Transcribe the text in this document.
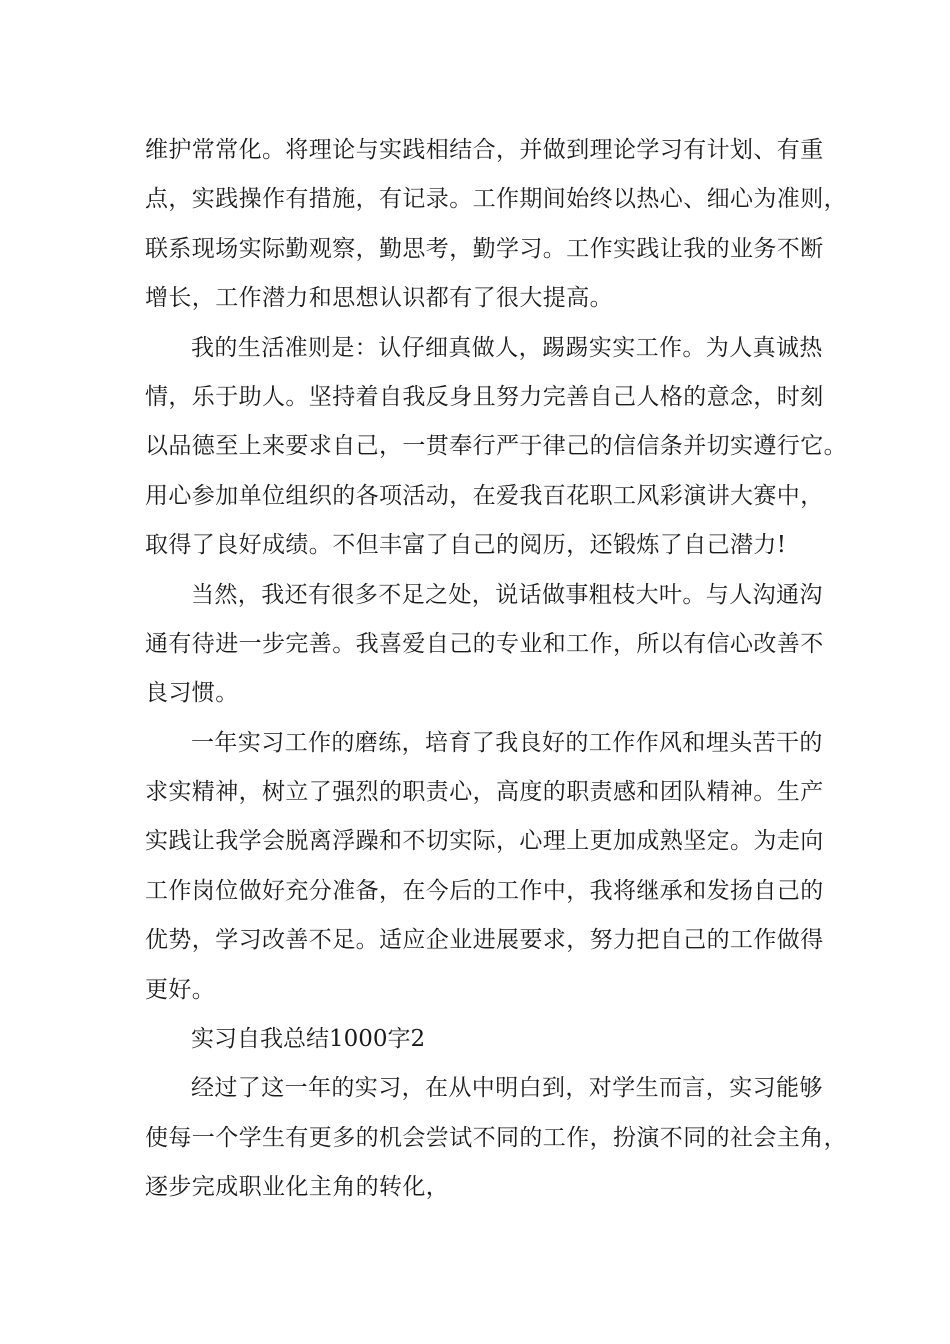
维护常常化。将理论与实践相结合，并做到理论学习有计划、有重
点，实践操作有措施，有记录。工作期间始终以热心、细心为准则，
联系现场实际勤观察，勤思考，勤学习。工作实践让我的业务不断
增长，工作潜力和思想认识都有了很大提高。
我的生活准则是：认仔细真做人，踢踢实实工作。为人真诚热
情，乐于助人。坚持着自我反身且努力完善自己人格的意念，时刻
以品德至上来要求自己，一贯奉行严于律己的信信条并切实遵行它。
用心参加单位组织的各项活动，在爱我百花职工风彩演讲大赛中，
取得了良好成绩。不但丰富了自己的阅历，还锻炼了自己潜力!
当然，我还有很多不足之处，说话做事粗枝大叶。与人沟通沟
通有待进一步完善。我喜爱自己的专业和工作，所以有信心改善不
良习惯。
一年实习工作的磨练，培育了我良好的工作作风和埋头苦干的
求实精神，树立了强烈的职责心，高度的职责感和团队精神。生产
实践让我学会脱离浮躁和不切实际，心理上更加成熟坚定。为走向
工作岗位做好充分准备，在今后的工作中，我将继承和发扬自己的
优势，学习改善不足。适应企业进展要求，努力把自己的工作做得
更好。
实习自我总结1000字2
经过了这一年的实习，在从中明白到，对学生而言，实习能够
使每一个学生有更多的机会尝试不同的工作，扮演不同的社会主角，
逐步完成职业化主角的转化，
